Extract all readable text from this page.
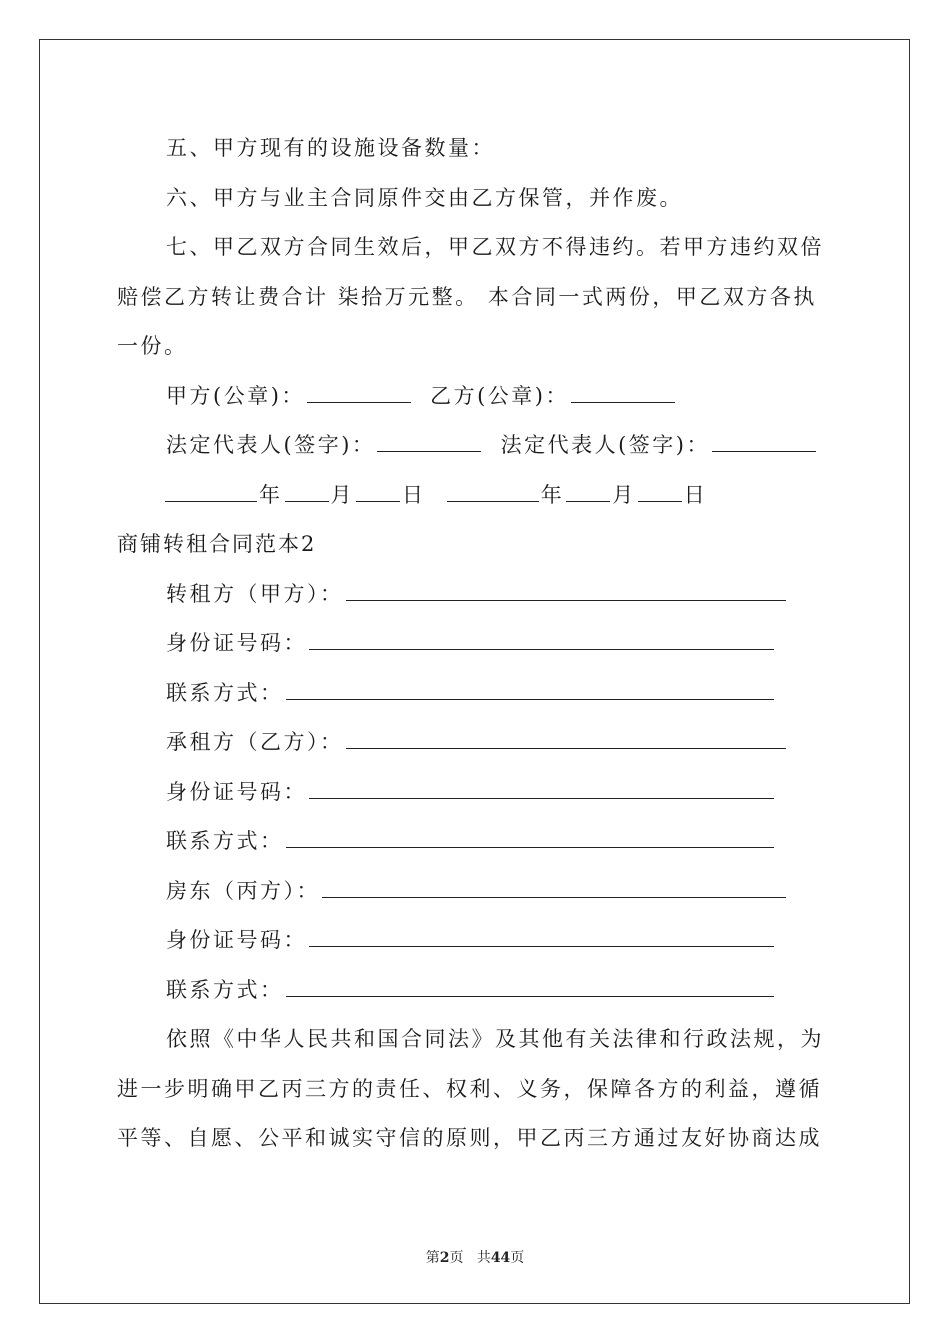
五、甲方现有的设施设备数量：

六、甲方与业主合同原件交由乙方保管，并作废。

七、甲乙双方合同生效后，甲乙双方不得违约。若甲方违约双倍

赔偿乙方转让费合计 柒拾万元整。 本合同一式两份，甲乙双方各执

一份。

甲方(公章)：	乙方(公章)：

法定代表人(签字)：	法定代表人(签字)：

年 月 日	年 月 日

商铺转租合同范本2

转租方（甲方）：

身份证号码：

联系方式：

承租方（乙方）：

身份证号码：

联系方式：

房东（丙方）：

身份证号码：

联系方式：

依照《中华人民共和国合同法》及其他有关法律和行政法规，为

进一步明确甲乙丙三方的责任、权利、义务，保障各方的利益，遵循

平等、自愿、公平和诚实守信的原则，甲乙丙三方通过友好协商达成

第2页 共44页
